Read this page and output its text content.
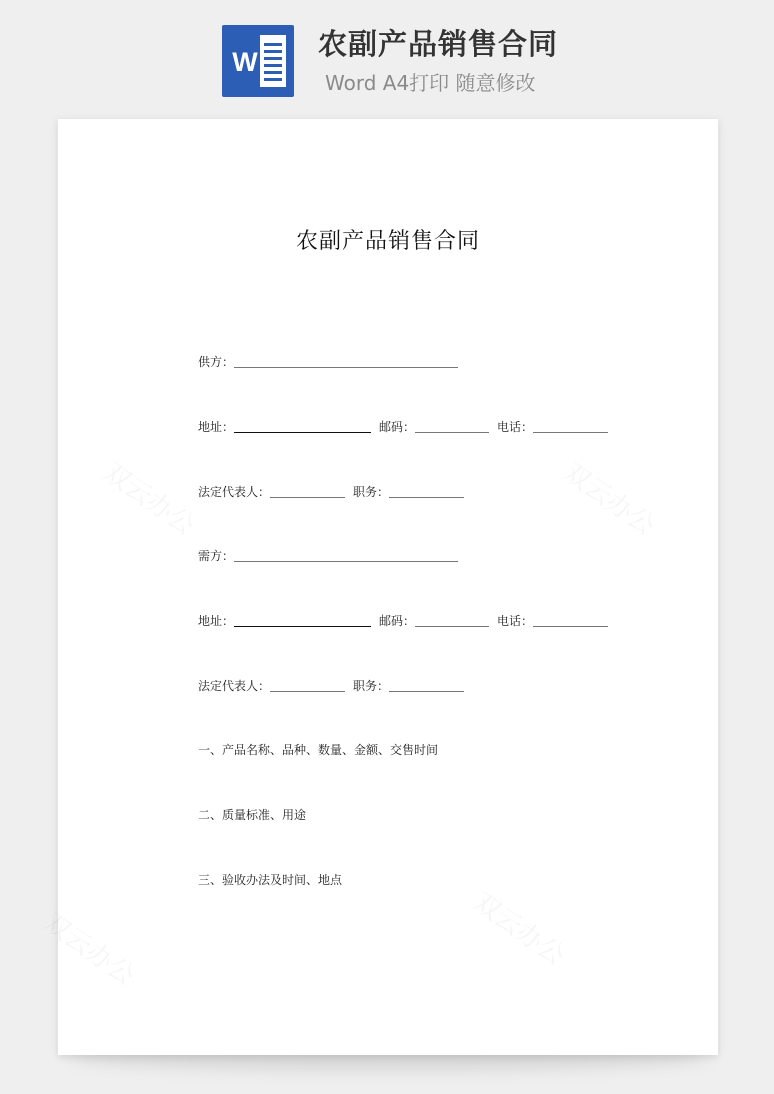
W
农副产品销售合同
Word A4打印 随意修改
农副产品销售合同
供方：
地址：	邮码：	电话：
法定代表人：	职务：
需方：
地址：	邮码：	电话：
法定代表人：	职务：
一、产品名称、品种、数量、金额、交售时间
二、质量标准、用途
三、验收办法及时间、地点
